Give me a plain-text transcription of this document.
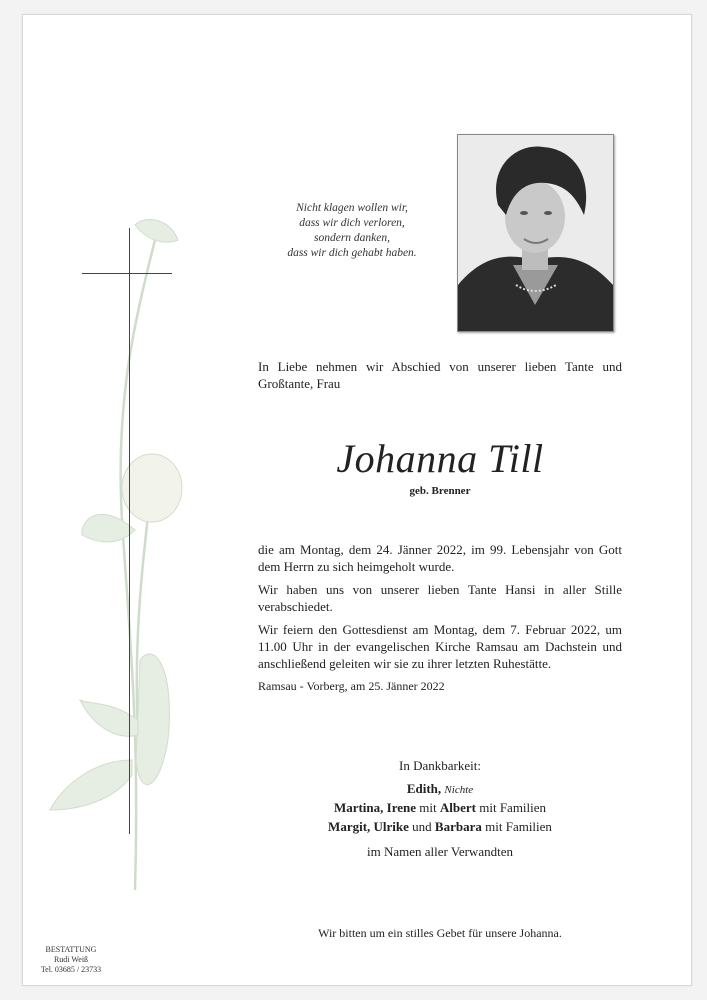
Nicht klagen wollen wir,
dass wir dich verloren,
sondern danken,
dass wir dich gehabt haben.
In Liebe nehmen wir Abschied von unserer lieben Tante und Großtante, Frau
Johanna Till
geb. Brenner
die am Montag, dem 24. Jänner 2022, im 99. Lebensjahr von Gott dem Herrn zu sich heimgeholt wurde.
Wir haben uns von unserer lieben Tante Hansi in aller Stille verabschiedet.
Wir feiern den Gottesdienst am Montag, dem 7. Februar 2022, um 11.00 Uhr in der evangelischen Kirche Ramsau am Dachstein und anschließend geleiten wir sie zu ihrer letzten Ruhestätte.
Ramsau - Vorberg, am 25. Jänner 2022
In Dankbarkeit:
Edith, Nichte
Martina, Irene mit Albert mit Familien
Margit, Ulrike und Barbara mit Familien
im Namen aller Verwandten
Wir bitten um ein stilles Gebet für unsere Johanna.
BESTATTUNG
Rudi Weiß
Tel. 03685 / 23733
